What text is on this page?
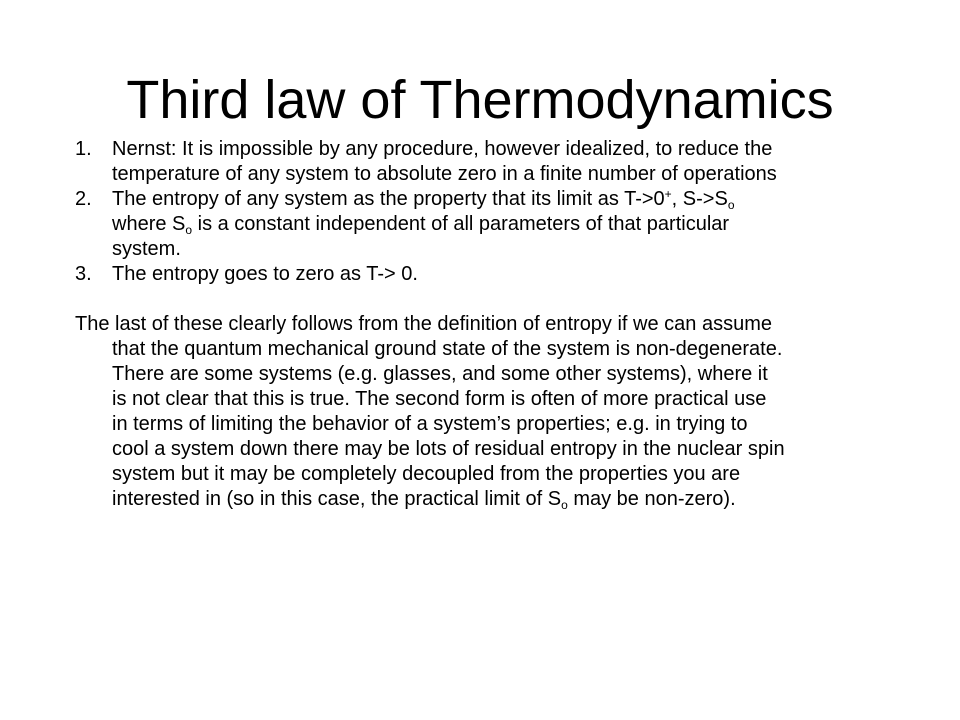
Third law of Thermodynamics
1. Nernst: It is impossible by any procedure, however idealized, to reduce the
temperature of any system to absolute zero in a finite number of operations
2. The entropy of any system as the property that its limit as T->0+, $S->S_o$
where $S_o$ is a constant independent of all parameters of that particular
system.
3. The entropy goes to zero as T-> 0.
The last of these clearly follows from the definition of entropy if we can assume
that the quantum mechanical ground state of the system is non-degenerate.
There are some systems (e.g. glasses, and some other systems), where it
is not clear that this is true. The second form is often of more practical use
in terms of limiting the behavior of a system’s properties; e.g. in trying to
cool a system down there may be lots of residual entropy in the nuclear spin
system but it may be completely decoupled from the properties you are
interested in (so in this case, the practical limit of $S_o$ may be non-zero).
